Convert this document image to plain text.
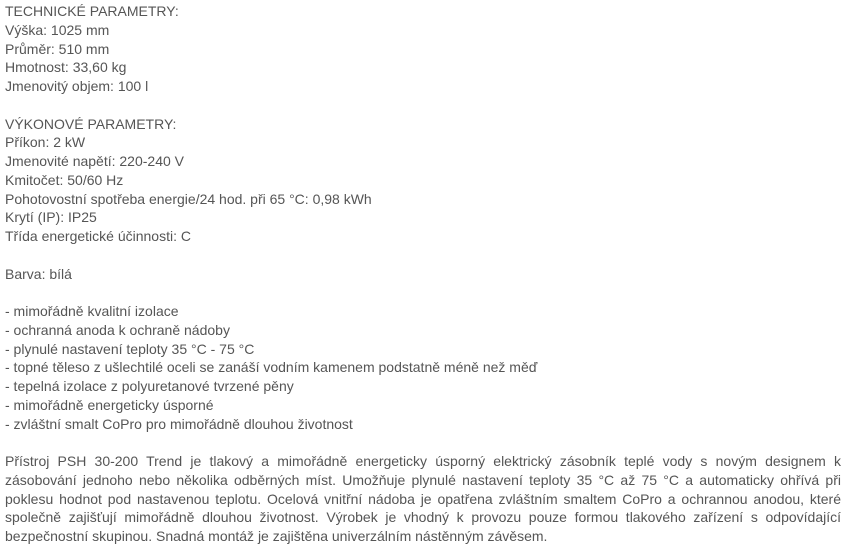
TECHNICKÉ PARAMETRY:
Výška: 1025 mm
Průměr: 510 mm
Hmotnost: 33,60 kg
Jmenovitý objem: 100 l
VÝKONOVÉ PARAMETRY:
Příkon: 2 kW
Jmenovité napětí: 220-240 V
Kmitočet: 50/60 Hz
Pohotovostní spotřeba energie/24 hod. při 65 °C: 0,98 kWh
Krytí (IP): IP25
Třída energetické účinnosti: C
Barva: bílá
- mimořádně kvalitní izolace
- ochranná anoda k ochraně nádoby
- plynulé nastavení teploty 35 °C - 75 °C
- topné těleso z ušlechtilé oceli se zanáší vodním kamenem podstatně méně než měď
- tepelná izolace z polyuretanové tvrzené pěny
- mimořádně energeticky úsporné
- zvláštní smalt CoPro pro mimořádně dlouhou životnost

Přístroj PSH 30-200 Trend je tlakový a mimořádně energeticky úsporný elektrický zásobník teplé vody s novým designem k zásobování jednoho nebo několika odběrných míst. Umožňuje plynulé nastavení teploty 35 °C až 75 °C a automaticky ohřívá při poklesu hodnot pod nastavenou teplotu. Ocelová vnitřní nádoba je opatřena zvláštním smaltem CoPro a ochrannou anodou, které společně zajišťují mimořádně dlouhou životnost. Výrobek je vhodný k provozu pouze formou tlakového zařízení s odpovídající bezpečnostní skupinou. Snadná montáž je zajištěna univerzálním nástěnným závěsem.
